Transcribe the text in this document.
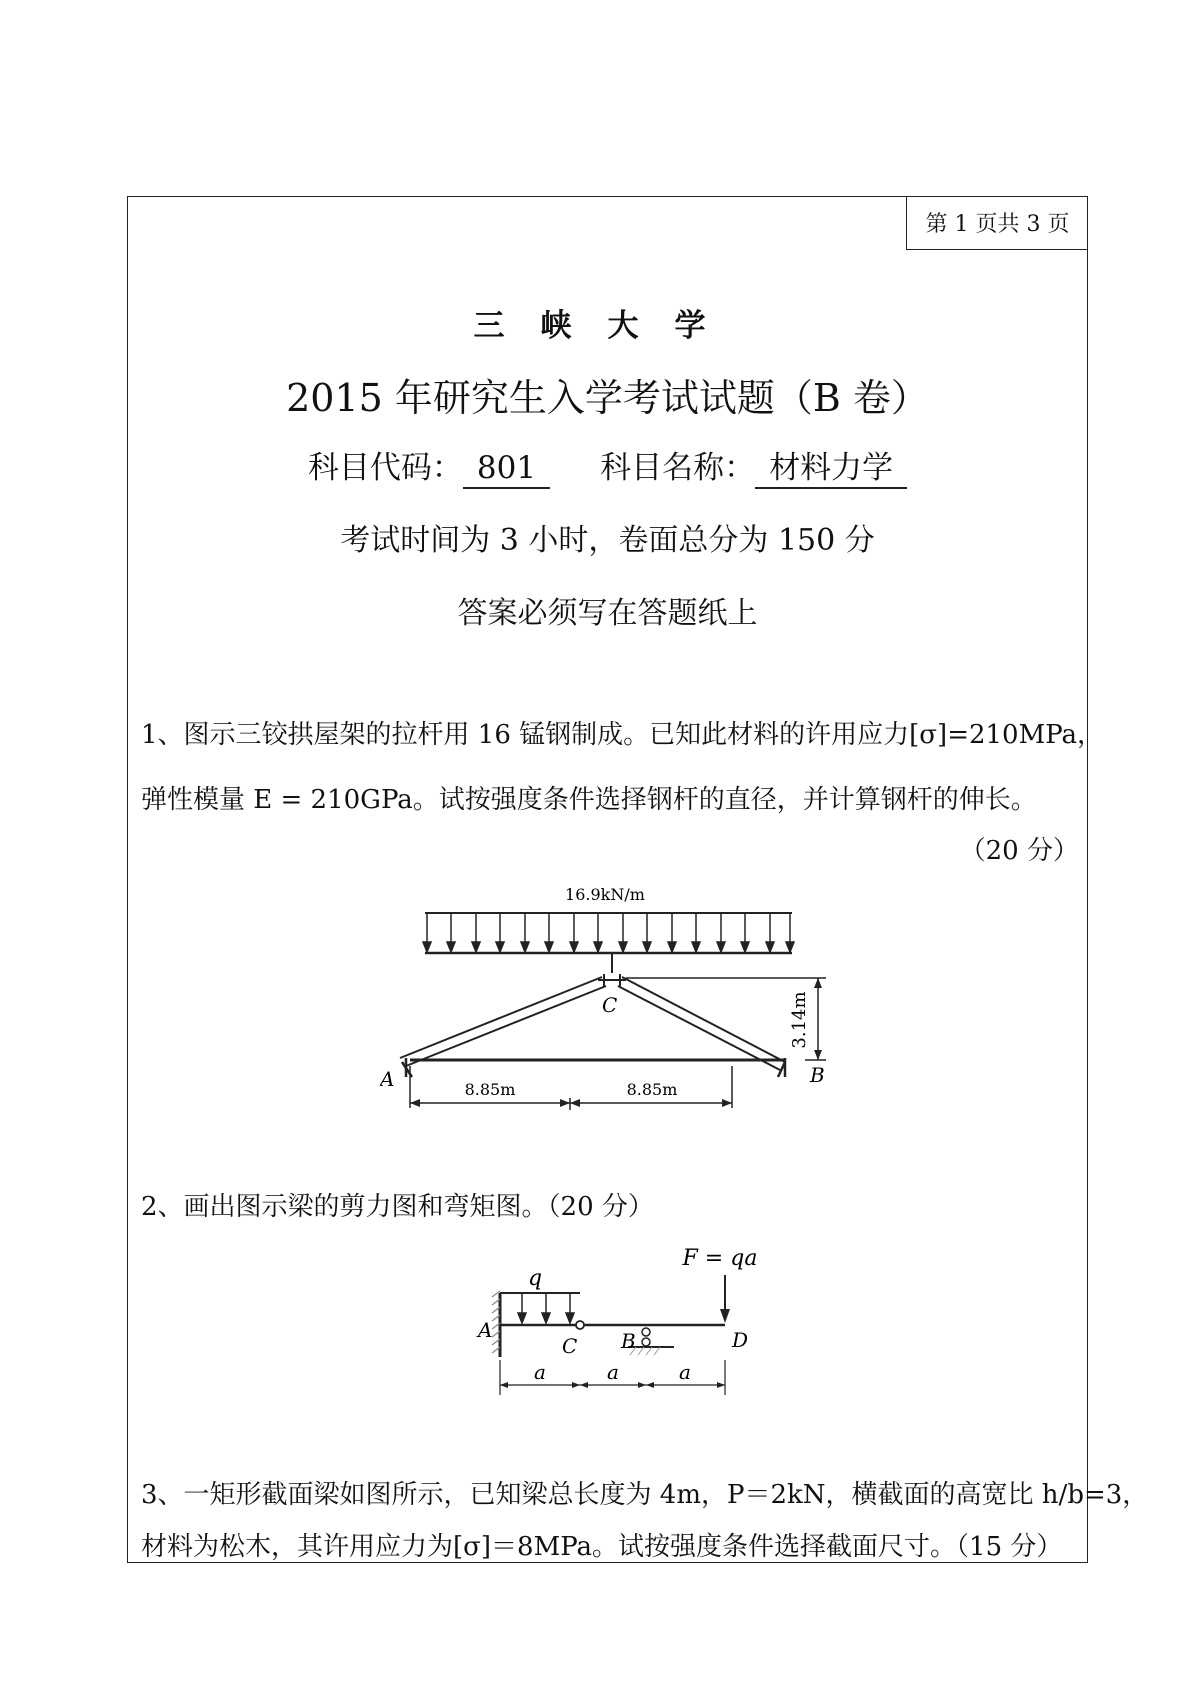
第 1 页共 3 页
三峡大学
2015 年研究生入学考试试题（B 卷）
科目代码： 801 科目名称： 材料力学
考试时间为 3 小时，卷面总分为 150 分
答案必须写在答题纸上
1、图示三铰拱屋架的拉杆用 16 锰钢制成。已知此材料的许用应力[σ]=210MPa，
弹性模量 E = 210GPa。试按强度条件选择钢杆的直径，并计算钢杆的伸长。
（20 分）
16.9kN/m
C
A	B
3.14m
8.85m	8.85m
2、画出图示梁的剪力图和弯矩图。（20 分）
F = qa
q
A
C B	D
a	a	a
3、一矩形截面梁如图所示，已知梁总长度为 4m，P＝2kN，横截面的高宽比 h/b=3，
材料为松木，其许用应力为[σ]＝8MPa。试按强度条件选择截面尺寸。（15 分）
